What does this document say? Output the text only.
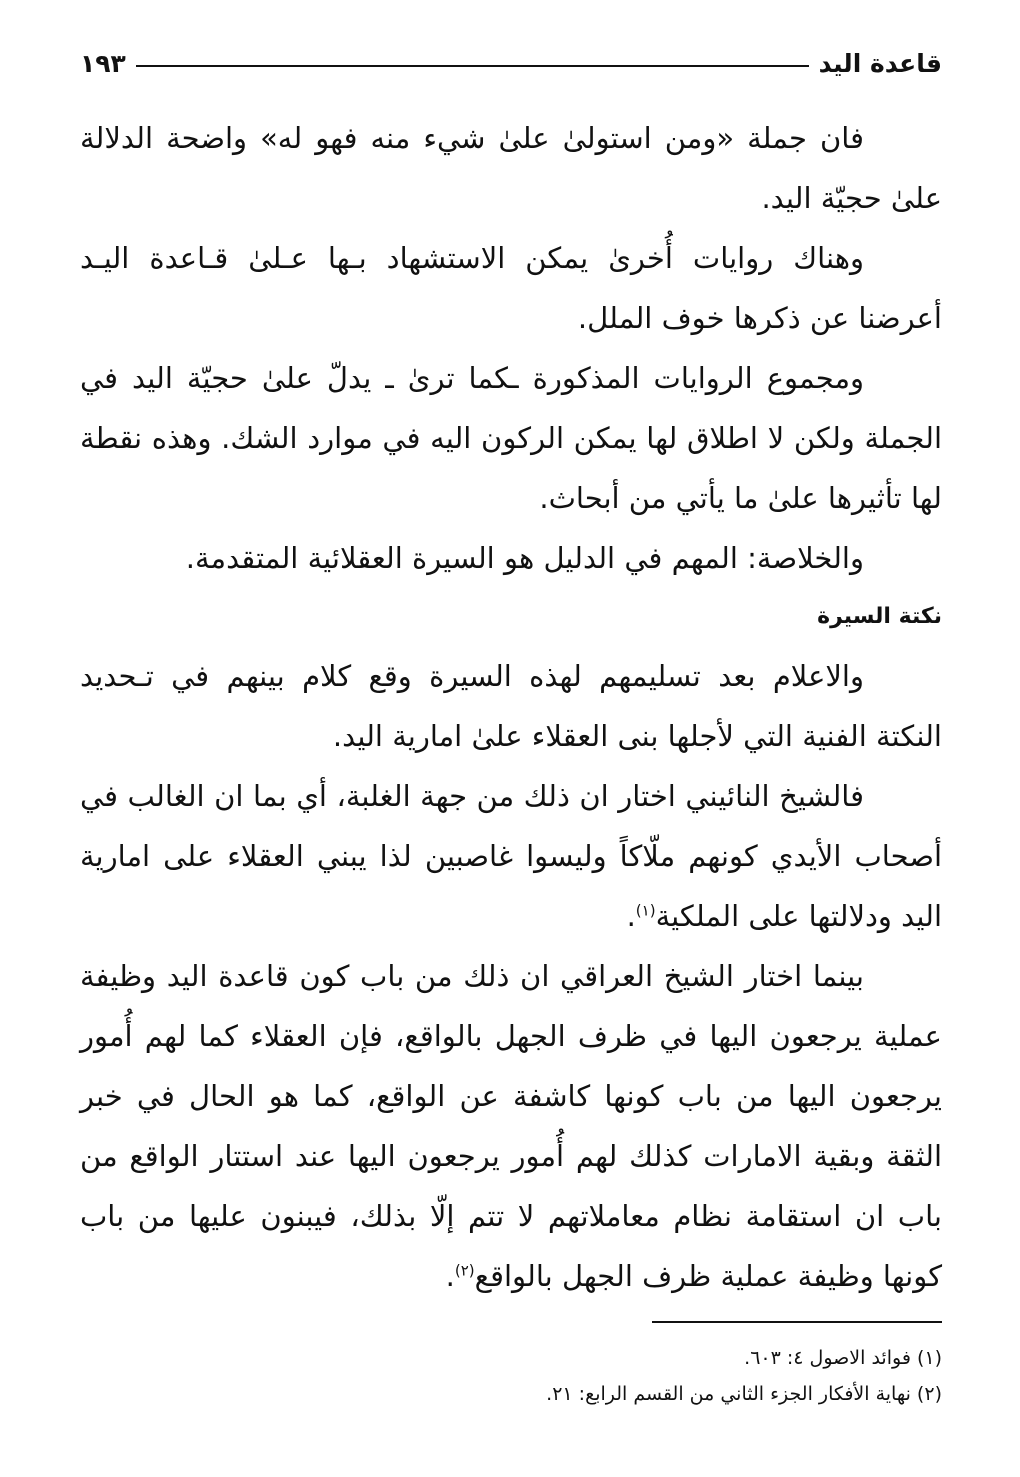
قاعدة اليد
١٩٣

فان جملة «ومن استولىٰ علىٰ شيء منه فهو له» واضحة الدلالة علىٰ حجيّة اليد.

وهناك روايات أُخرىٰ يمكن الاستشهاد بـها عـلىٰ قـاعدة اليـد أعرضنا عن ذكرها خوف الملل.

ومجموع الروايات المذكورة ـكما ترىٰ ـ يدلّ علىٰ حجيّة اليد في الجملة ولكن لا اطلاق لها يمكن الركون اليه في موارد الشك. وهذه نقطة لها تأثيرها علىٰ ما يأتي من أبحاث.

والخلاصة: المهم في الدليل هو السيرة العقلائية المتقدمة.

نكتة السيرة

والاعلام بعد تسليمهم لهذه السيرة وقع كلام بينهم في تـحديد النكتة الفنية التي لأجلها بنى العقلاء علىٰ امارية اليد.

فالشيخ النائيني اختار ان ذلك من جهة الغلبة، أي بما ان الغالب في أصحاب الأيدي كونهم ملّاكاً وليسوا غاصبين لذا يبني العقلاء على امارية اليد ودلالتها على الملكية$^{(١)}$.

بينما اختار الشيخ العراقي ان ذلك من باب كون قاعدة اليد وظيفة عملية يرجعون اليها في ظرف الجهل بالواقع، فإن العقلاء كما لهم أُمور يرجعون اليها من باب كونها كاشفة عن الواقع، كما هو الحال في خبر الثقة وبقية الامارات كذلك لهم أُمور يرجعون اليها عند استتار الواقع من باب ان استقامة نظام معاملاتهم لا تتم إلّا بذلك، فيبنون عليها من باب كونها وظيفة عملية ظرف الجهل بالواقع$^{(٢)}$.

(١) فوائد الاصول ٤: ٦٠٣.

(٢) نهاية الأفكار الجزء الثاني من القسم الرابع: ٢١.
